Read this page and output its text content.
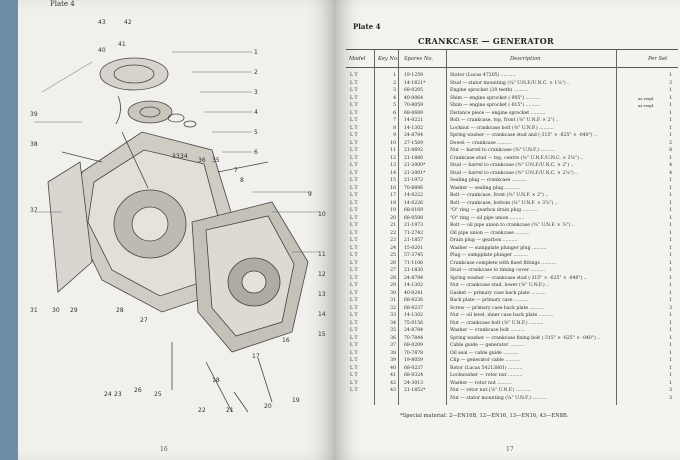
Plate 4
43	42
40
41
1
2
3
4
5
6
9
10
11
12
13
14
15
39
38
37
31 30 29	28
27
26
25
24 23
22	21
20
19
18
17
16
33 34
36 35
7
8
16
Plate 4
CRANKCASE — GENERATOR
Model Key No. Spares No.	Description	Per Set
L T	1 19-1259	Stator (Lucas 47205) ..........	1
L T	2 14-1621*	Stud — stator mounting (¼" U.N.F./U.N.C. × 1⅞") ..	3
L T	3 68-0205	Engine sprocket (28 teeth) ..........	1
L T	4 40-0064	Shim — engine sprocket (·005") ..........	as reqd.	1
L T	5 70-8059	Shim — engine sprocket (·015") ..........	as reqd.	1
L T	6 68-0689	Distance piece — engine sprocket ..........	1
L T	7 14-0221	Bolt — crankcase, top, front (⅜" U.N.F. × 2") ..	1
L T	8 14-1302	Locknut — crankcase bolt (⅜" U.N.F.) ..........	1
L T	9 24-8784	Spring washer — crankcase stud and (·315" × ·625" × ·040") ..	1
L T	10 27-1569	Dowel — crankcase ..........	2
L T	11 21-0692	Nut — barrel to crankcase (⅜" U.N.F.) ..........	8
L T	12 21-1880	Crankcase stud — top, centre (⅜" U.N.F./U.N.C. × 3⅛") ..	1
L T	13 21-2000*	Stud — barrel to crankcase (⅜" U.N.F./U.N.C. × 2") ..	4
L T	14 21-2001*	Stud — barrel to crankcase (⅜" U.N.F./U.N.C. × 2⅞") ..	4
L T	15 21-1972	Sealing plug — crankcase ..........	1
L T	16 70-8896	Washer — sealing plug ..........	1
L T	17 14-0222	Bolt — crankcase, front (⅜" U.N.F. × 2") ..	1
L T	18 14-0226	Bolt — crankcase, bottom (⅜" U.N.F. × 3⅞") ..	1
L T	19 68-0169	"O" ring — gearbox drain plug ..........	1
L T	20 68-0598	"O" ring — oil pipe union ..........	1
L T	21 21-1973	Bolt — oil pipe union to crankcase (⅜" U.N.F. × ⅞") ..	1
L T	22 71-2742	Oil pipe union — crankcase ..........	1
L T	23 21-1857	Drain plug — gearbox ..........	1
L T	24 15-0201	Washer — sumpplate plunger plug ..........	1
L T	25 57-3745	Plug — sumpplate plunger ..........	1
L T	26 71-1106	Crankcase complete with fixed fittings ..........	1
L T	27 21-1830	Stud — crankcase to timing cover ..........	1
L T	28 24-8784	Spring washer — crankcase stud (·315" × ·625" × ·040") ..	1
L T	29 14-1302	Nut — crankcase stud, lower (⅜" U.N.F.) ..	1
L T	30 40-0241	Gasket — primary case back plate ..........	1
L T	31 68-0236	Back plate — primary case ..........	1
L T	32 68-0237	Screw — primary case back plate ..........	3
L T	33 14-1302	Nut — oil level, inner case back plate ..........	1
L T	34 75-0156	Nut — crankcase bolt (⅜" U.N.F.) ..........	1
L T	35 24-8784	Washer — crankcase bolt ..........	1
L T	36 70-7844	Spring washer — crankcase fixing bolt (·315" × ·625" × ·040") ..	1
L T	37 68-0209	Cable guide — generator ..........	1
L T	38 70-7878	Oil seal — cable guide ..........	1
L T	39 19-8059	Clip — generator cable ..........	1
L T	40 68-0237	Rotor (Lucas 54213801) ..........	1
L T	41 68-0324	Lockwasher — rotor nut ..........	1
L T	42 24-3013	Washer — rotor nut ..........	1
L T	43 21-1852*	Nut — rotor nut (⅝" U.N.F.) ..........	3
Nut — stator mounting (¼" U.N.F.) ..........	3
*Special material: 2—EN16B, 12—EN16, 13—EN16, 43—EN8B.
17
